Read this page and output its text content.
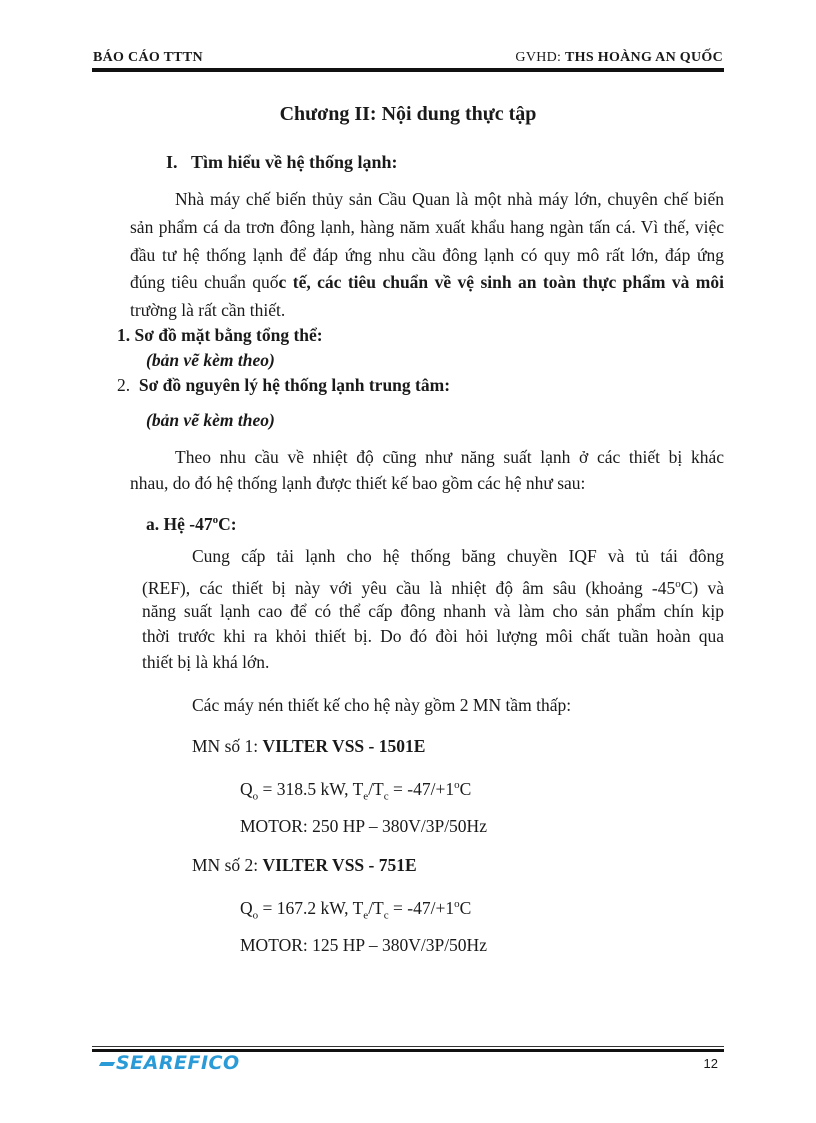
BÁO CÁO TTTN	GVHD: THS HOÀNG AN QUỐC
Chương II: Nội dung thực tập
I. Tìm hiểu về hệ thống lạnh:
Nhà máy chế biến thủy sản Cầu Quan là một nhà máy lớn, chuyên chế biến
sản phẩm cá da trơn đông lạnh, hàng năm xuất khẩu hang ngàn tấn cá. Vì thế, việc
đầu tư hệ thống lạnh để đáp ứng nhu cầu đông lạnh có quy mô rất lớn, đáp ứng
đúng tiêu chuẩn quốc tế, các tiêu chuẩn về vệ sinh an toàn thực phẩm và môi
trường là rất cần thiết.
1. Sơ đồ mặt bằng tổng thể:
(bản vẽ kèm theo)
2. Sơ đồ nguyên lý hệ thống lạnh trung tâm:
(bản vẽ kèm theo)
Theo nhu cầu về nhiệt độ cũng như năng suất lạnh ở các thiết bị khác
nhau, do đó hệ thống lạnh được thiết kế bao gồm các hệ như sau:
a. Hệ -47$^o$C:
Cung cấp tải lạnh cho hệ thống băng chuyền IQF và tủ tái đông
(REF), các thiết bị này với yêu cầu là nhiệt độ âm sâu (khoảng -45$^o$C) và
năng suất lạnh cao để có thể cấp đông nhanh và làm cho sản phẩm chín kịp
thời trước khi ra khỏi thiết bị. Do đó đòi hỏi lượng môi chất tuần hoàn qua
thiết bị là khá lớn.
Các máy nén thiết kế cho hệ này gồm 2 MN tầm thấp:
MN số 1: VILTER VSS - 1501E
$Q_o = 318.5$ kW, $T_e/T_c = -47/+1^oC$
MOTOR: 250 HP – 380V/3P/50Hz
MN số 2: VILTER VSS - 751E
$Q_o = 167.2$ kW, $T_e/T_c = -47/+1^oC$
MOTOR: 125 HP – 380V/3P/50Hz
SEAREFICO	12
